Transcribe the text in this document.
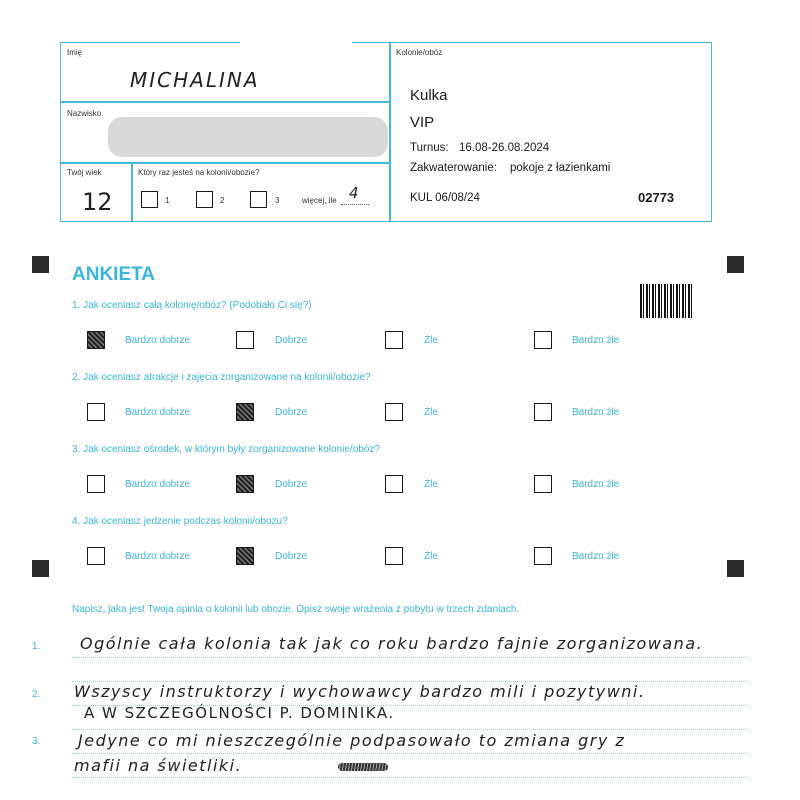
Imię
MICHALINA
Nazwisko
Twój wiek
12
Który raz jesteś na kolonii/obozie?
1	2	3	więcej, ile 4
Kolonie/obóz
Kulka
VIP
Turnus: 16.08-26.08.2024
Zakwaterowanie: pokoje z łazienkami
KUL 06/08/24	02773
ANKIETA
1. Jak oceniasz całą kolonię/obóz? (Podobało Ci się?)
Bardzo dobrze	Dobrze	Źle	Bardzo źle
2. Jak oceniasz atrakcje i zajęcia zorganizowane na kolonii/obozie?
Bardzo dobrze	Dobrze	Źle	Bardzo źle
3. Jak oceniasz ośrodek, w którym były zorganizowane kolonie/obóz?
Bardzo dobrze	Dobrze	Źle	Bardzo źle
4. Jak oceniasz jedzenie podczas kolonii/obozu?
Bardzo dobrze	Dobrze	Źle	Bardzo źle
Napisz, jaka jest Twoja opinia o kolonii lub obozie. Opisz swoje wrażenia z pobytu w trzech zdaniach.
1.
2.
3.
Ogólnie cała kolonia tak jak co roku bardzo fajnie zorganizowana.
Wszyscy instruktorzy i wychowawcy bardzo mili i pozytywni.
A W SZCZEGÓLNOŚCI P. DOMINIKA.
Jedyne co mi nieszczególnie podpasowało to zmiana gry z
mafii na świetliki.
